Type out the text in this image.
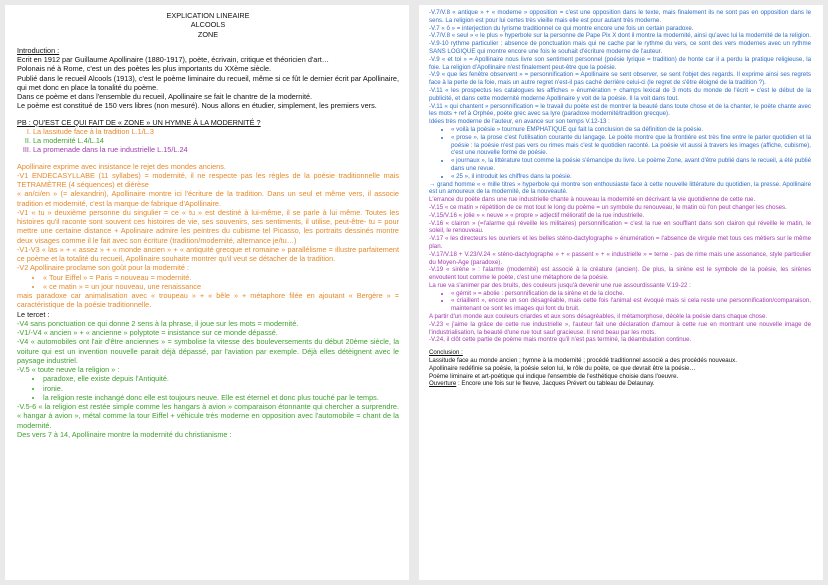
EXPLICATION LINEAIRE

ALCOOLS

ZONE

Introduction :

Ecrit en 1912 par Guillaume Apollinaire (1880-1917), poète, écrivain, critique et théoricien d'art…

Polonais né à Rome, c'est un des poètes les plus importants du XXème siècle.

Publié dans le recueil Alcools (1913), c'est le poème liminaire du recueil, même si ce fût le dernier écrit par Apollinaire, qui met donc en place la tonalité du poème.

Dans ce poème et dans l'ensemble du recueil, Apollinaire se fait le chantre de la modernité.

Le poème est constitué de 150 vers libres (non mesuré). Nous allons en étudier, simplement, les premiers vers.

PB : QU'EST CE QUI FAIT DE « ZONE » UN HYMNE À LA MODERNITÉ ?

I. La lassitude face à la tradition L.1/L.3
II. La modernité L.4/L.14
III. La promenade dans la rue industrielle L.15/L.24

Apollinaire exprime avec insistance le rejet des mondes anciens.

-V1 ENDECASYLLABE (11 syllabes) = modernité, il ne respecte pas les règles de la poésie traditionnelle mais TETRAMÈTRE (4 séquences) et diérèse

« an/ci/en » (= alexandrin), Apollinaire montre ici l'écriture de la tradition. Dans un seul et même vers, il associe tradition et modernité, c'est la marque de fabrique d'Apollinaire.

-V1 « tu » deuxième personne du singulier = ce « tu » est destiné à lui-même, il se parle à lui même. Toutes les histoires qu'il raconte sont souvent ces histoires de vie, ses souvenirs, ses sentiments, il utilise, peut-être- tu = pour mettre une certaine distance + Apolinaire admire les peintres du cubisme tel Picasso, les portraits dessinés montre deux visages comme il le fait avec son écriture (tradition/modernité, alternance je/tu…)

-V1-V3 « las » + « assez » + « monde ancien » + « antiquité grecque et romaine » parallélisme = illustre parfaitement ce poème et la totalité du recueil, Apollinaire souhaite montrer qu'il veut se détacher de la tradition.

-V2 Apollinaire proclame son goût pour la modernité :

• « Tour Eiffel » = Paris = nouveau = modernité.
• « ce matin » = un jour nouveau, une renaissance

mais paradoxe car animalisation avec « troupeau » + « bêle » + métaphore filée en ajoutant « Bergère » = caractéristique de la poésie traditionnelle.

Le tercet :

-V4 sans ponctuation ce qui donne 2 sens à la phrase, il joue sur les mots = modernité.

-V1/-V4 « ancien » + « ancienne » polyptote = insistance sur ce monde dépassé.

-V4 « automobiles ont l'air d'être anciennes » = symbolise la vitesse des bouleversements du début 20ème siècle, la voiture qui est un invention nouvelle parait déjà dépassé, par l'aviation par exemple. Déjà elles détèignent avec le paysage industriel.

-V.5 « toute neuve la religion » :

• paradoxe, elle existe depuis l'Antiquité.
• ironie.
• la religion reste inchangé donc elle est toujours neuve. Elle est éternel et donc plus touché par le temps.

-V.5-6 « la religion est restée simple comme les hangars à avion » comparaison étonnante qui chercher a surprendre. « hangar à avion », métal comme la tour Eiffel + véhicule très moderne en opposition avec l'automobile = chant de la modernité.

Des vers 7 à 14, Apollinaire montre la modernité du christianisme :

-V.7/V.8 « antique » + « moderne » opposition = c'est une opposition dans le texte, mais finalement ils ne sont pas en opposition dans le sens. La religion est pour lui certes très vieille mais elle est pour autant très moderne.

-V.7 « ô » = interjection du lyrisme traditionnel ce qui montre encore une fois un certain paradoxe.

-V.7/V.8 « seul » « le plus » hyperbole sur la personne de Pape Pix X dont il montre la modernité, ainsi qu'avec lui la modernité de la religion.

-V.9-10 rythme particulier : absence de ponctuation mais qui ne cache par le rythme du vers, ce sont des vers modernes avec un rythme SANS LOGIQUE qui montre encore une fois le souhait d'écriture moderne de l'auteur.

-V.9 « et toi » = Apollinaire nous livre son sentiment personnel (poésie lyrique = tradition) de honte car il a perdu la pratique religieuse, la foie. La religion d'Apollinaire n'est finalement peut-être que la poésie.

-V.9 « que les fenêtre observent » = personnification = Apollinaire se sent observer, se sent l'objet des regards. Il exprime ainsi ses regrets face à la perte de la foie, mais un autre regret n'est-il pas caché derrière celui-ci (le regret de s'être éloigné de la tradition ?).

-V.11 « les prospectus les catalogues les affiches » énumération + champs lexical de 3 mots du monde de l'écrit = c'est le début de la publicité, et dans cette modernité moderne Apollinaire y voit de la poésie. Il la voit dans tout.

-V.11 « qui chantent » personnification = le travail du poète est de montrer la beauté dans toute chose et de la chanter, le poète chante avec les mots + ref à Orphée, poète grec avec sa lyre (paradoxe modernité/tradition grecque).

Idées très moderne de l'auteur, en avance sur son temps V.12-13 :

• « voilà la poésie » tournure EMPHATIQUE qui fait la conclusion de sa définition de la poésie.
• « prose », la prose c'est l'utilisation courante du langage. Le poète montre que la frontière est très fine entre le parler quotidien et la poésie : la poésie n'est pas vers ou rimes mais c'est le quotidien raconté. La poésie vit aussi à travers les images (affiche, cubisme), c'est une nouvelle forme de poésie.
• « journaux », la littérature tout comme la poésie s'émancipe du livre. Le poème Zone, avant d'être publié dans le recueil, a été publié dans une revue.
• « 25 », il introduit les chiffres dans la poésie.

→ grand homme « « mille titres » hyperbole qui montre son enthousiaste face à cette nouvelle littérature du quotidien, la presse. Apollinaire est un amoureux de la modernité, de la nouveauté.

L'errance du poète dans une rue industrielle chante à nouveau la modernité en décrivant la vie quotidienne de cette rue.

-V.15 « ce matin » répétition de ce mot tout le long du poème = un symbole du renouveau, le matin où l'on peut changer les choses.

-V.15/V.16 « jolie » « neuve » « propre » adjectif mélioratif de la rue industrielle.

-V.16 « clairon » (=l'alarme qui réveille les militaires) personnification = c'est la rue en soufflant dans son clairon qui réveille le matin, le soleil, le renouveau.

-V.17 « les directeurs les ouvriers et les belles sténo-dactylographe » énumération = l'absence de virgule met tous ces métiers sur le même plan.

-V.17/V.18 + V.23/V.24 « sténo-dactylographe » + « passent » + « industrielle » = terne - pas de rime mais une assonance, style particulier du Moyen-Age (paradoxe).

-V.19 « sirène » : l'alarme (modernité) est associé à la créature (ancien). De plus, la sirène est le symbole de la poésie, les sirènes envoutent tout comme le poète, c'est une métaphore de la poésie.

La rue va s'animer par des bruits, des couleurs jusqu'à devenir une rue assourdissante V.19-22 :

• « gémit » = abolie : personnification de la sirène et de la cloche.
• « criaillent », encore un son désagréable, mais cette fois l'animal est évoqué mais si cela reste une personnification/comparaison, maintenant ce sont les images qui font du bruit.

A partir d'un monde aux couleurs criardes et aux sons désagréables, il métamorphose, décèle la poésie dans chaque chose.

-V.23 « j'aime la grâce de cette rue industrielle », l'auteur fait une déclaration d'amour à cette rue en montrant une nouvelle image de l'industrialisation, la beauté d'une rue tout sauf gracieuse. Il rend beau par les mots.

-V.24, il clôt cette partie de poème mais montre qu'il n'est pas terminé, la déambulation continue.

Conclusion :

Lassitude face au monde ancien ; hymne à la modernité ; procédé traditionnel associé a des procédés nouveaux.

Apollinaire redéfinie sa poésie, la poésie selon lui, le rôle du poète, ce que devrait être la poésie…

Poème liminaire et art-poétique qui indique l'ensemble de l'esthétique choisie dans l'oeuvre.

Ouverture : Encore une fois sur le fleuve, Jacques Prévert ou tableau de Delaunay.
